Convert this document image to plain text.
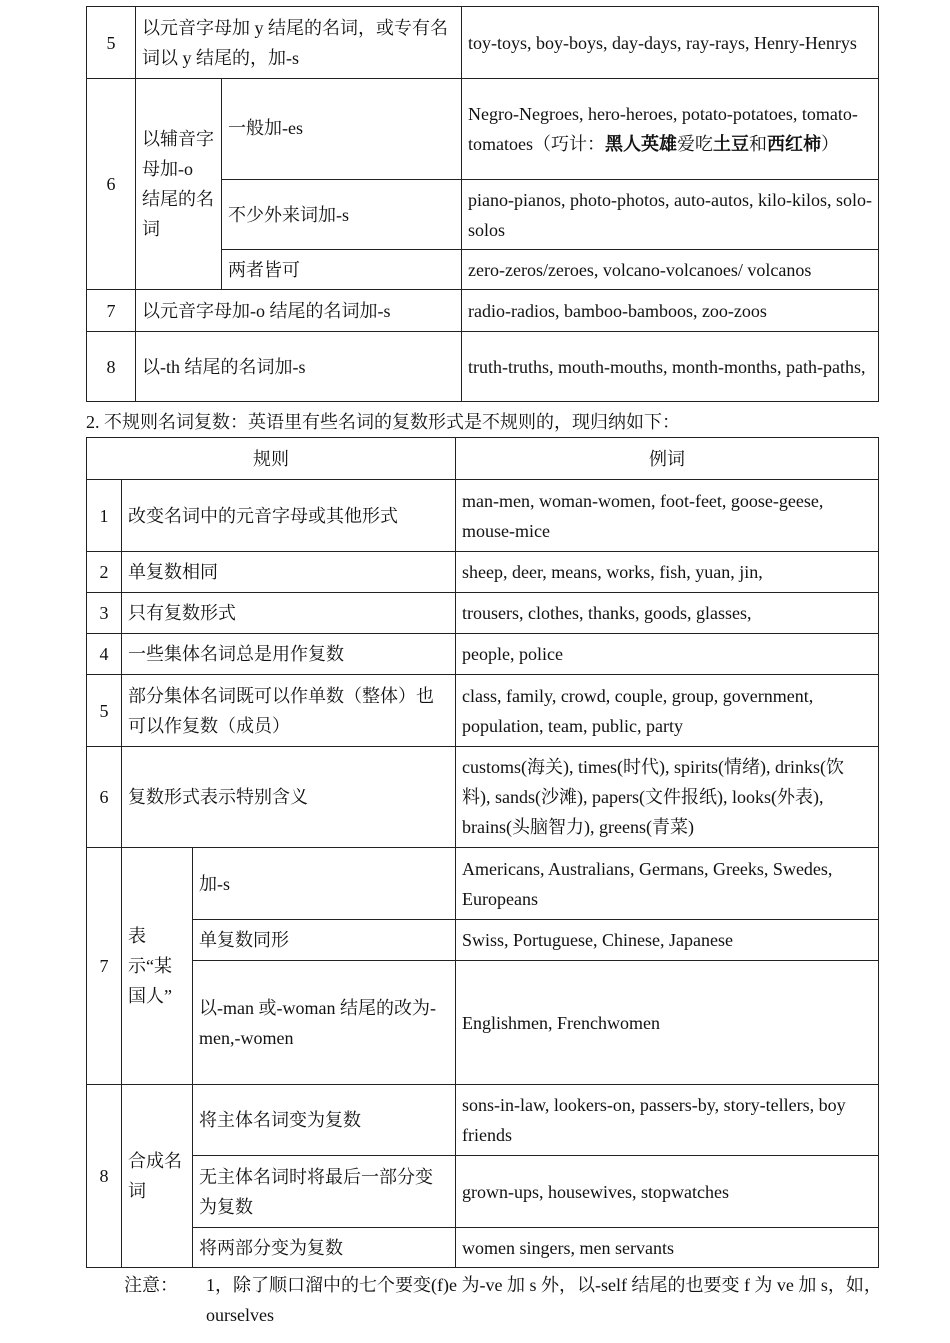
5	以元音字母加 y 结尾的名词，或专有名词以 y 结尾的，加-s		toy-toys, boy-boys, day-days, ray-rays, Henry-Henrys
6	以辅音字母加-o 结尾的名词	一般加-es	Negro-Negroes, hero-heroes, potato-potatoes, tomato-tomatoes（巧计：黑人英雄爱吃土豆和西红柿）
		不少外来词加-s	piano-pianos, photo-photos, auto-autos, kilo-kilos, solo-solos
		两者皆可	zero-zeros/zeroes, volcano-volcanoes/ volcanos
7	以元音字母加-o 结尾的名词加-s		radio-radios, bamboo-bamboos, zoo-zoos
8	以-th 结尾的名词加-s		truth-truths, mouth-mouths, month-months, path-paths,
2. 不规则名词复数：英语里有些名词的复数形式是不规则的，现归纳如下：
规则			例词
1	改变名词中的元音字母或其他形式		man-men, woman-women, foot-feet, goose-geese, mouse-mice
2	单复数相同		sheep, deer, means, works, fish, yuan, jin,
3	只有复数形式		trousers, clothes, thanks, goods, glasses,
4	一些集体名词总是用作复数		people, police
5	部分集体名词既可以作单数（整体）也可以作复数（成员）		class, family, crowd, couple, group, government, population, team, public, party
6	复数形式表示特别含义		customs(海关), times(时代), spirits(情绪), drinks(饮料), sands(沙滩), papers(文件报纸), looks(外表), brains(头脑智力), greens(青菜)
7	表示“某国人”	加-s	Americans, Australians, Germans, Greeks, Swedes, Europeans
		单复数同形	Swiss, Portuguese, Chinese, Japanese
		以-man 或-woman 结尾的改为-men,-women	Englishmen, Frenchwomen
8	合成名词	将主体名词变为复数	sons-in-law, lookers-on, passers-by, story-tellers, boy friends
		无主体名词时将最后一部分变为复数	grown-ups, housewives, stopwatches
		将两部分变为复数	women singers, men servants
注意： 1，除了顺口溜中的七个要变(f)e 为-ve 加 s 外，以-self 结尾的也要变 f 为 ve 加 s，如，ourselves
